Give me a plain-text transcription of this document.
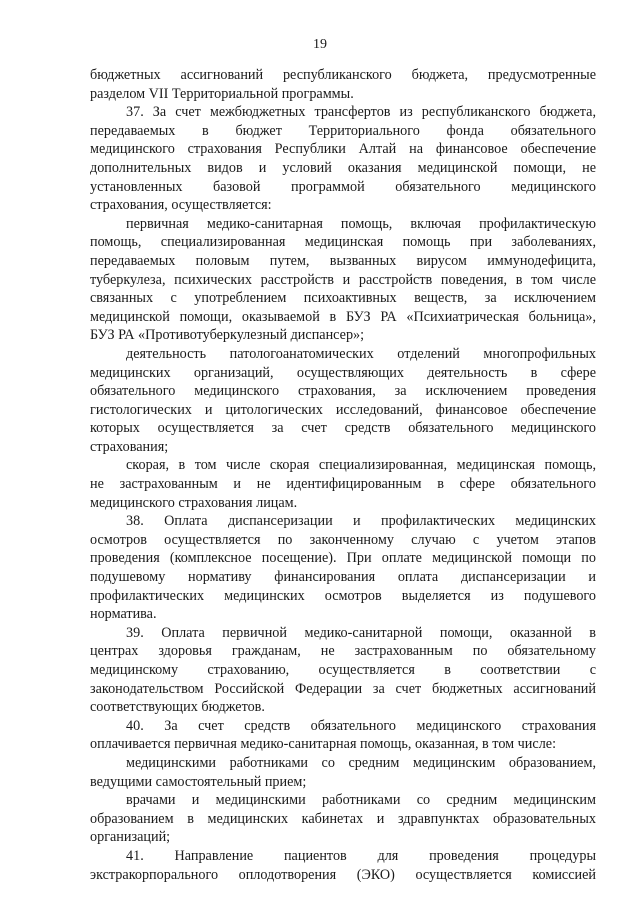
19
бюджетных ассигнований республиканского бюджета, предусмотренные
разделом VII Территориальной программы.
37. За счет межбюджетных трансфертов из республиканского бюджета,
передаваемых в бюджет Территориального фонда обязательного
медицинского страхования Республики Алтай на финансовое обеспечение
дополнительных видов и условий оказания медицинской помощи, не
установленных базовой программой обязательного медицинского
страхования, осуществляется:
первичная медико-санитарная помощь, включая профилактическую
помощь, специализированная медицинская помощь при заболеваниях,
передаваемых половым путем, вызванных вирусом иммунодефицита,
туберкулеза, психических расстройств и расстройств поведения, в том числе
связанных с употреблением психоактивных веществ, за исключением
медицинской помощи, оказываемой в БУЗ РА «Психиатрическая больница»,
БУЗ РА «Противотуберкулезный диспансер»;
деятельность патологоанатомических отделений многопрофильных
медицинских организаций, осуществляющих деятельность в сфере
обязательного медицинского страхования, за исключением проведения
гистологических и цитологических исследований, финансовое обеспечение
которых осуществляется за счет средств обязательного медицинского
страхования;
скорая, в том числе скорая специализированная, медицинская помощь,
не застрахованным и не идентифицированным в сфере обязательного
медицинского страхования лицам.
38. Оплата диспансеризации и профилактических медицинских
осмотров осуществляется по законченному случаю с учетом этапов
проведения (комплексное посещение). При оплате медицинской помощи по
подушевому нормативу финансирования оплата диспансеризации и
профилактических медицинских осмотров выделяется из подушевого
норматива.
39. Оплата первичной медико-санитарной помощи, оказанной в
центрах здоровья гражданам, не застрахованным по обязательному
медицинскому страхованию, осуществляется в соответствии с
законодательством Российской Федерации за счет бюджетных ассигнований
соответствующих бюджетов.
40. За счет средств обязательного медицинского страхования
оплачивается первичная медико-санитарная помощь, оказанная, в том числе:
медицинскими работниками со средним медицинским образованием,
ведущими самостоятельный прием;
врачами и медицинскими работниками со средним медицинским
образованием в медицинских кабинетах и здравпунктах образовательных
организаций;
41. Направление пациентов для проведения процедуры
экстракорпорального оплодотворения (ЭКО) осуществляется комиссией
